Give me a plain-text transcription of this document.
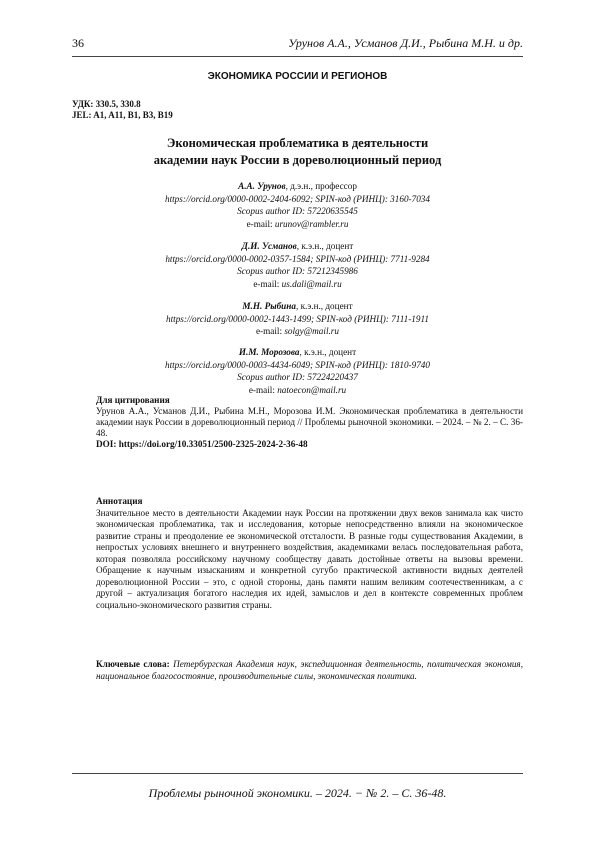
36	Урунов А.А., Усманов Д.И., Рыбина М.Н. и др.
ЭКОНОМИКА РОССИИ И РЕГИОНОВ
УДК: 330.5, 330.8
JEL: A1, A11, B1, B3, B19
Экономическая проблематика в деятельности
академии наук России в дореволюционный период
А.А. Урунов, д.э.н., профессор
https://orcid.org/0000-0002-2404-6092; SPIN-код (РИНЦ): 3160-7034
Scopus author ID: 57220635545
e-mail: urunov@rambler.ru
Д.И. Усманов, к.э.н., доцент
https://orcid.org/0000-0002-0357-1584; SPIN-код (РИНЦ): 7711-9284
Scopus author ID: 57212345986
e-mail: us.dali@mail.ru
М.Н. Рыбина, к.э.н., доцент
https://orcid.org/0000-0002-1443-1499; SPIN-код (РИНЦ): 7111-1911
e-mail: solgy@mail.ru
И.М. Морозова, к.э.н., доцент
https://orcid.org/0000-0003-4434-6049; SPIN-код (РИНЦ): 1810-9740
Scopus author ID: 57224220437
e-mail: natoecon@mail.ru
Для цитирования
Урунов А.А., Усманов Д.И., Рыбина М.Н., Морозова И.М. Экономическая проблематика в деятельности академии наук России в дореволюционный период // Проблемы рыночной экономики. – 2024. – № 2. – С. 36-48.
DOI: https://doi.org/10.33051/2500-2325-2024-2-36-48
Аннотация
Значительное место в деятельности Академии наук России на протяжении двух веков занимала как чисто экономическая проблематика, так и исследования, которые непосредственно влияли на экономическое развитие страны и преодоление ее экономической отсталости. В разные годы существования Академии, в непростых условиях внешнего и внутреннего воздействия, академиками велась последовательная работа, которая позволяла российскому научному сообществу давать достойные ответы на вызовы времени. Обращение к научным изысканиям и конкретной сугубо практической активности видных деятелей дореволюционной России – это, с одной стороны, дань памяти нашим великим соотечественникам, а с другой – актуализация богатого наследия их идей, замыслов и дел в контексте современных проблем социально-экономического развития страны.
Ключевые слова: Петербургская Академия наук, экспедиционная деятельность, политическая экономия, национальное благосостояние, производительные силы, экономическая политика.
Проблемы рыночной экономики. – 2024. − № 2. – С. 36-48.
